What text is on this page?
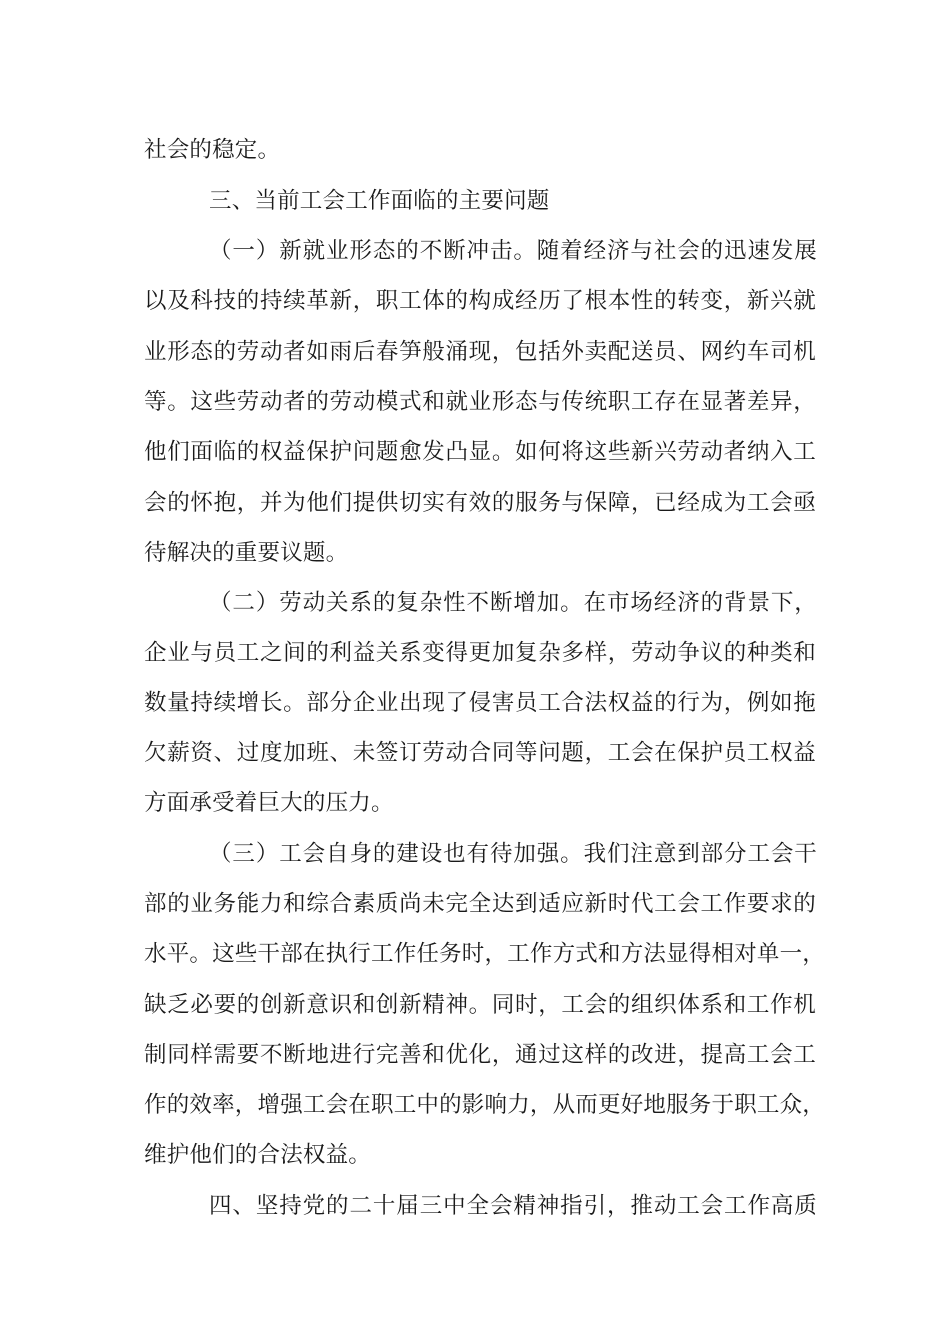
社会的稳定。
三、当前工会工作面临的主要问题
（一）新就业形态的不断冲击。随着经济与社会的迅速发展
以及科技的持续革新，职工体的构成经历了根本性的转变，新兴就
业形态的劳动者如雨后春笋般涌现，包括外卖配送员、网约车司机
等。这些劳动者的劳动模式和就业形态与传统职工存在显著差异，
他们面临的权益保护问题愈发凸显。如何将这些新兴劳动者纳入工
会的怀抱，并为他们提供切实有效的服务与保障，已经成为工会亟
待解决的重要议题。
（二）劳动关系的复杂性不断增加。在市场经济的背景下，
企业与员工之间的利益关系变得更加复杂多样，劳动争议的种类和
数量持续增长。部分企业出现了侵害员工合法权益的行为，例如拖
欠薪资、过度加班、未签订劳动合同等问题，工会在保护员工权益
方面承受着巨大的压力。
（三）工会自身的建设也有待加强。我们注意到部分工会干
部的业务能力和综合素质尚未完全达到适应新时代工会工作要求的
水平。这些干部在执行工作任务时，工作方式和方法显得相对单一，
缺乏必要的创新意识和创新精神。同时，工会的组织体系和工作机
制同样需要不断地进行完善和优化，通过这样的改进，提高工会工
作的效率，增强工会在职工中的影响力，从而更好地服务于职工众，
维护他们的合法权益。
四、坚持党的二十届三中全会精神指引，推动工会工作高质
